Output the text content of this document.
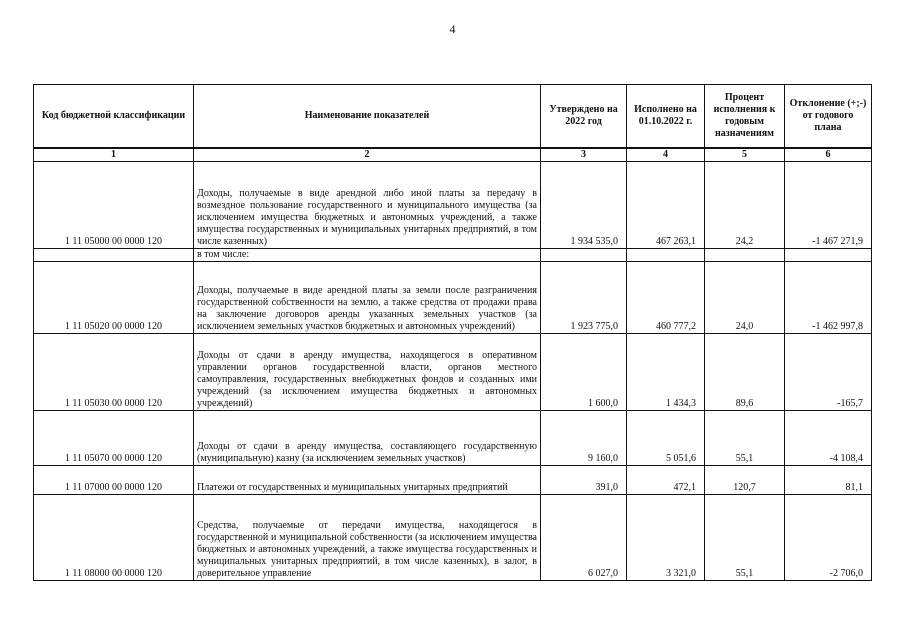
4
Код бюджетной классификации	Наименование показателей	Утверждено на 2022 год	Исполнено на 01.10.2022 г.	Процент исполнения к годовым назначениям	Отклонение (+;-) от годового плана
1	2	3	4	5	6
1 11 05000 00 0000 120	Доходы, получаемые в виде арендной либо иной платы за передачу в возмездное пользование государственного и муниципального имущества (за исключением имущества бюджетных и автономных учреждений, а также имущества государственных и муниципальных унитарных предприятий, в том числе казенных)	1 934 535,0	467 263,1	24,2	-1 467 271,9
	в том числе:				
1 11 05020 00 0000 120	Доходы, получаемые в виде арендной платы за земли после разграничения государственной собственности на землю, а также средства от продажи права на заключение договоров аренды указанных земельных участков (за исключением земельных участков бюджетных и автономных учреждений)	1 923 775,0	460 777,2	24,0	-1 462 997,8
1 11 05030 00 0000 120	Доходы от сдачи в аренду имущества, находящегося в оперативном управлении органов государственной власти, органов местного самоуправления, государственных внебюджетных фондов и созданных ими учреждений (за исключением имущества бюджетных и автономных учреждений)	1 600,0	1 434,3	89,6	-165,7
1 11 05070 00 0000 120	Доходы от сдачи в аренду имущества, составляющего государственную (муниципальную) казну (за исключением земельных участков)	9 160,0	5 051,6	55,1	-4 108,4
1 11 07000 00 0000 120	Платежи от государственных и муниципальных унитарных предприятий	391,0	472,1	120,7	81,1
1 11 08000 00 0000 120	Средства, получаемые от передачи имущества, находящегося в государственной и муниципальной собственности (за исключением имущества бюджетных и автономных учреждений, а также имущества государственных и муниципальных унитарных предприятий, в том числе казенных), в залог, в доверительное управление	6 027,0	3 321,0	55,1	-2 706,0
